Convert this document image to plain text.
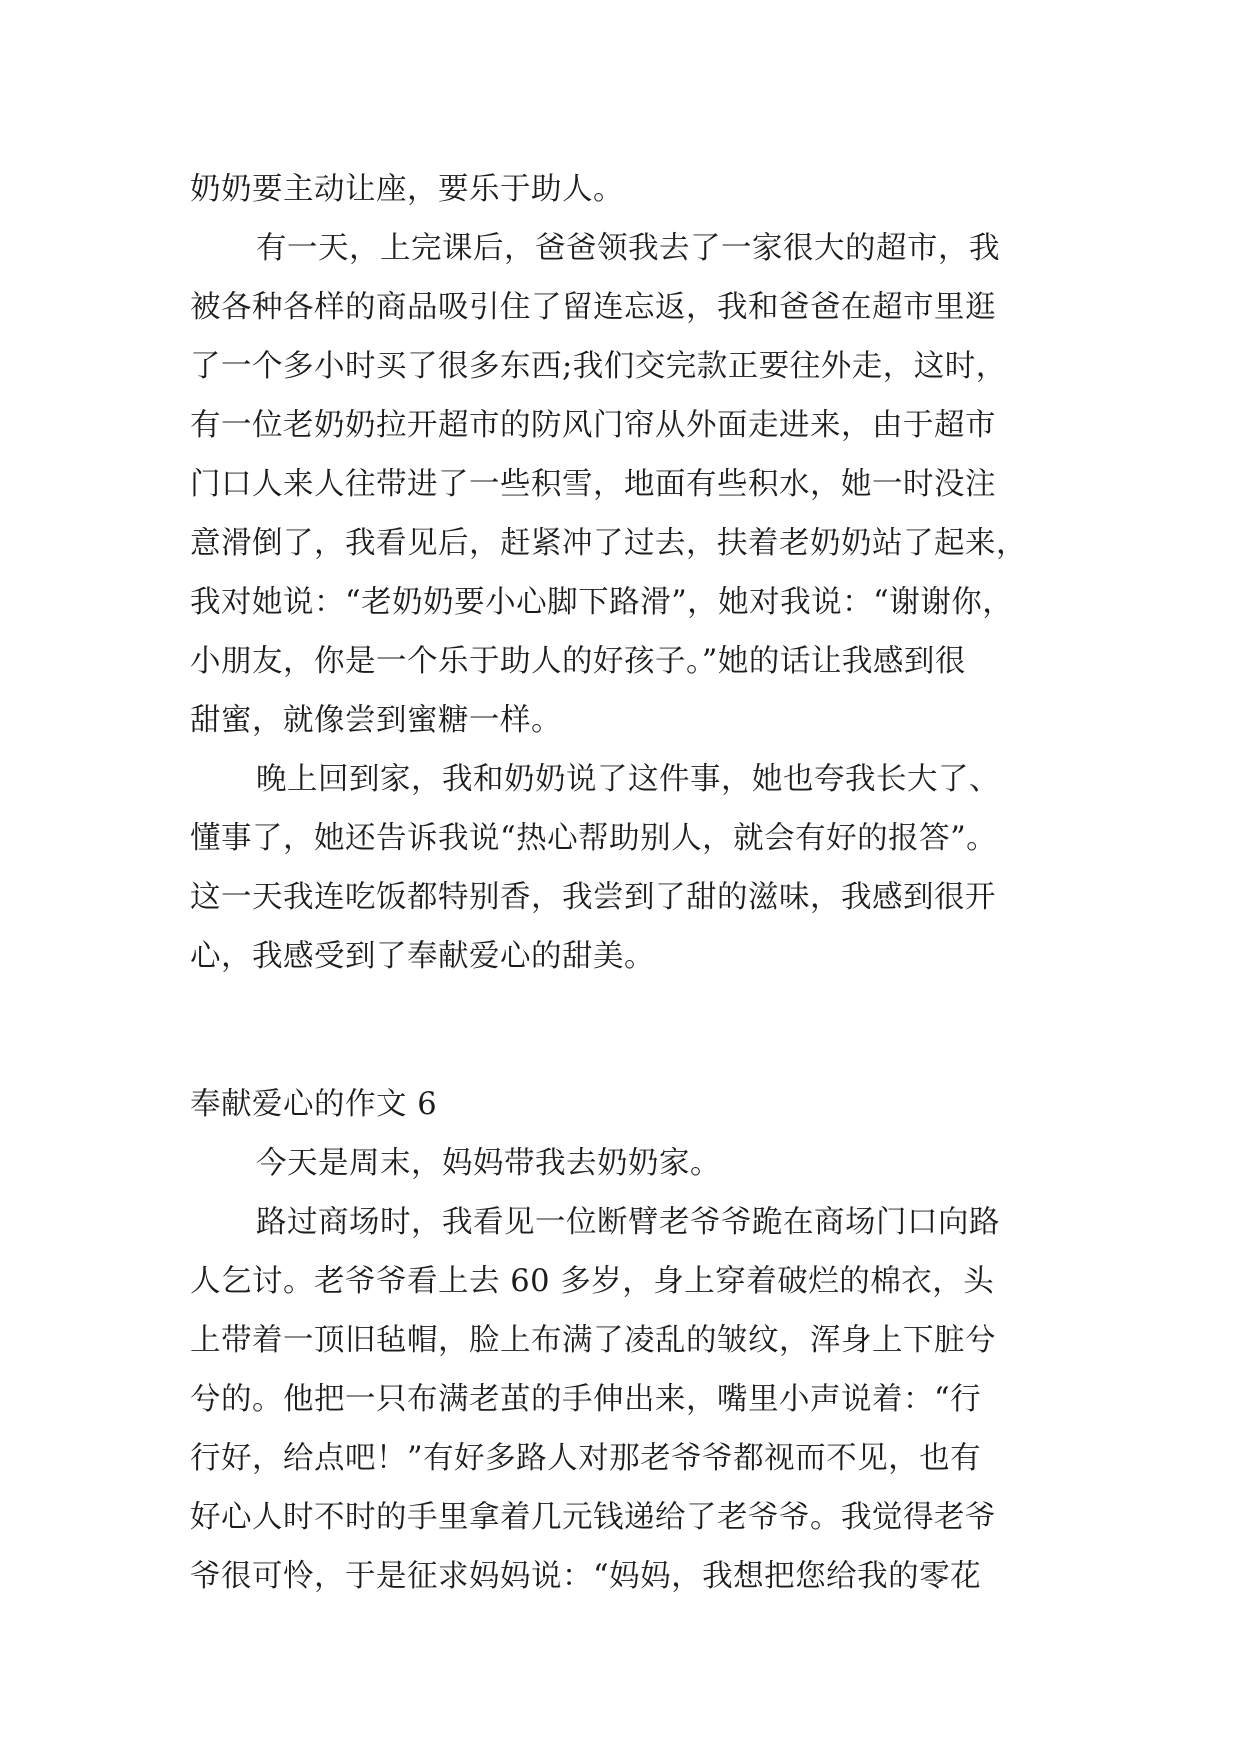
奶奶要主动让座，要乐于助人。
有一天，上完课后，爸爸领我去了一家很大的超市，我
被各种各样的商品吸引住了留连忘返，我和爸爸在超市里逛
了一个多小时买了很多东西;我们交完款正要往外走，这时，
有一位老奶奶拉开超市的防风门帘从外面走进来，由于超市
门口人来人往带进了一些积雪，地面有些积水，她一时没注
意滑倒了，我看见后，赶紧冲了过去，扶着老奶奶站了起来，
我对她说：“老奶奶要小心脚下路滑”，她对我说：“谢谢你，
小朋友，你是一个乐于助人的好孩子。”她的话让我感到很
甜蜜，就像尝到蜜糖一样。
晚上回到家，我和奶奶说了这件事，她也夸我长大了、
懂事了，她还告诉我说“热心帮助别人，就会有好的报答”。
这一天我连吃饭都特别香，我尝到了甜的滋味，我感到很开
心，我感受到了奉献爱心的甜美。
奉献爱心的作文 6
今天是周末，妈妈带我去奶奶家。
路过商场时，我看见一位断臂老爷爷跪在商场门口向路
人乞讨。老爷爷看上去 60 多岁，身上穿着破烂的棉衣，头
上带着一顶旧毡帽，脸上布满了凌乱的皱纹，浑身上下脏兮
兮的。他把一只布满老茧的手伸出来，嘴里小声说着：“行
行好，给点吧！”有好多路人对那老爷爷都视而不见，也有
好心人时不时的手里拿着几元钱递给了老爷爷。我觉得老爷
爷很可怜，于是征求妈妈说：“妈妈，我想把您给我的零花
